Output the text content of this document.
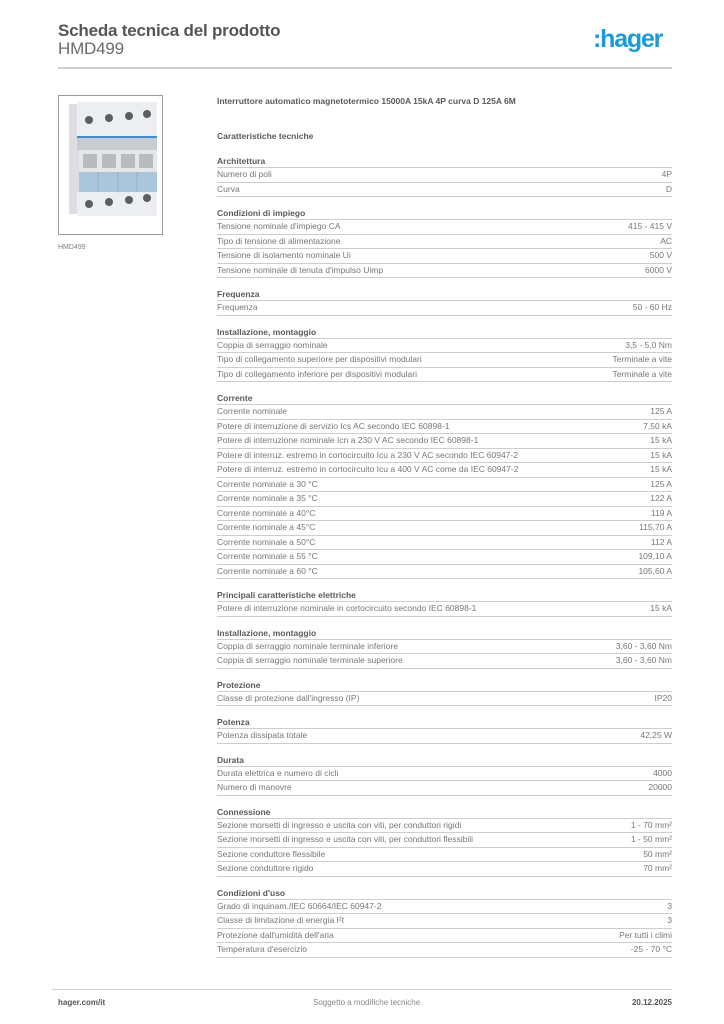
Scheda tecnica del prodotto
HMD499	:hager
HMD499
Interruttore automatico magnetotermico 15000A 15kA 4P curva D 125A 6M
Caratteristiche tecniche
Architettura
Numero di poli	4P
Curva	D
Condizioni di impiego
Tensione nominale d'impiego CA	415 - 415 V
Tipo di tensione di alimentazione	AC
Tensione di isolamento nominale Ui	500 V
Tensione nominale di tenuta d'impulso Uimp	6000 V
Frequenza
Frequenza	50 - 60 Hz
Installazione, montaggio
Coppia di serraggio nominale	3,5 - 5,0 Nm
Tipo di collegamento superiore per dispositivi modulari	Terminale a vite
Tipo di collegamento inferiore per dispositivi modulari	Terminale a vite
Corrente
Corrente nominale	125 A
Potere di interruzione di servizio Ics AC secondo IEC 60898-1	7,50 kA
Potere di interruzione nominale Icn a 230 V AC secondo IEC 60898-1	15 kA
Potere di interruz. estremo in cortocircuito Icu a 230 V AC secondo IEC 60947-2	15 kA
Potere di interruz. estremo in cortocircuito Icu a 400 V AC come da IEC 60947-2	15 kA
Corrente nominale a 30 °C	125 A
Corrente nominale a 35 °C	122 A
Corrente nominale a 40°C	119 A
Corrente nominale a 45°C	115,70 A
Corrente nominale a 50°C	112 A
Corrente nominale a 55 °C	109,10 A
Corrente nominale a 60 °C	105,60 A
Principali caratteristiche elettriche
Potere di interruzione nominale in cortocircuito secondo IEC 60898-1	15 kA
Installazione, montaggio
Coppia di serraggio nominale terminale inferiore	3,60 - 3,60 Nm
Coppia di serraggio nominale terminale superiore	3,60 - 3,60 Nm
Protezione
Classe di protezione dall'ingresso (IP)	IP20
Potenza
Potenza dissipata totale	42,25 W
Durata
Durata elettrica e numero di cicli	4000
Numero di manovre	20000
Connessione
Sezione morsetti di ingresso e uscita con viti, per conduttori rigidi	1 - 70 mm²
Sezione morsetti di ingresso e uscita con viti, per conduttori flessibili	1 - 50 mm²
Sezione conduttore flessibile	50 mm²
Sezione conduttore rigido	70 mm²
Condizioni d'uso
Grado di inquinam./IEC 60664/IEC 60947-2	3
Classe di limitazione di energia I²t	3
Protezione dall'umidità dell'aria	Per tutti i climi
Temperatura d'esercizio	-25 - 70 °C
hager.com/it	Soggetto a modifiche tecniche	20.12.2025
